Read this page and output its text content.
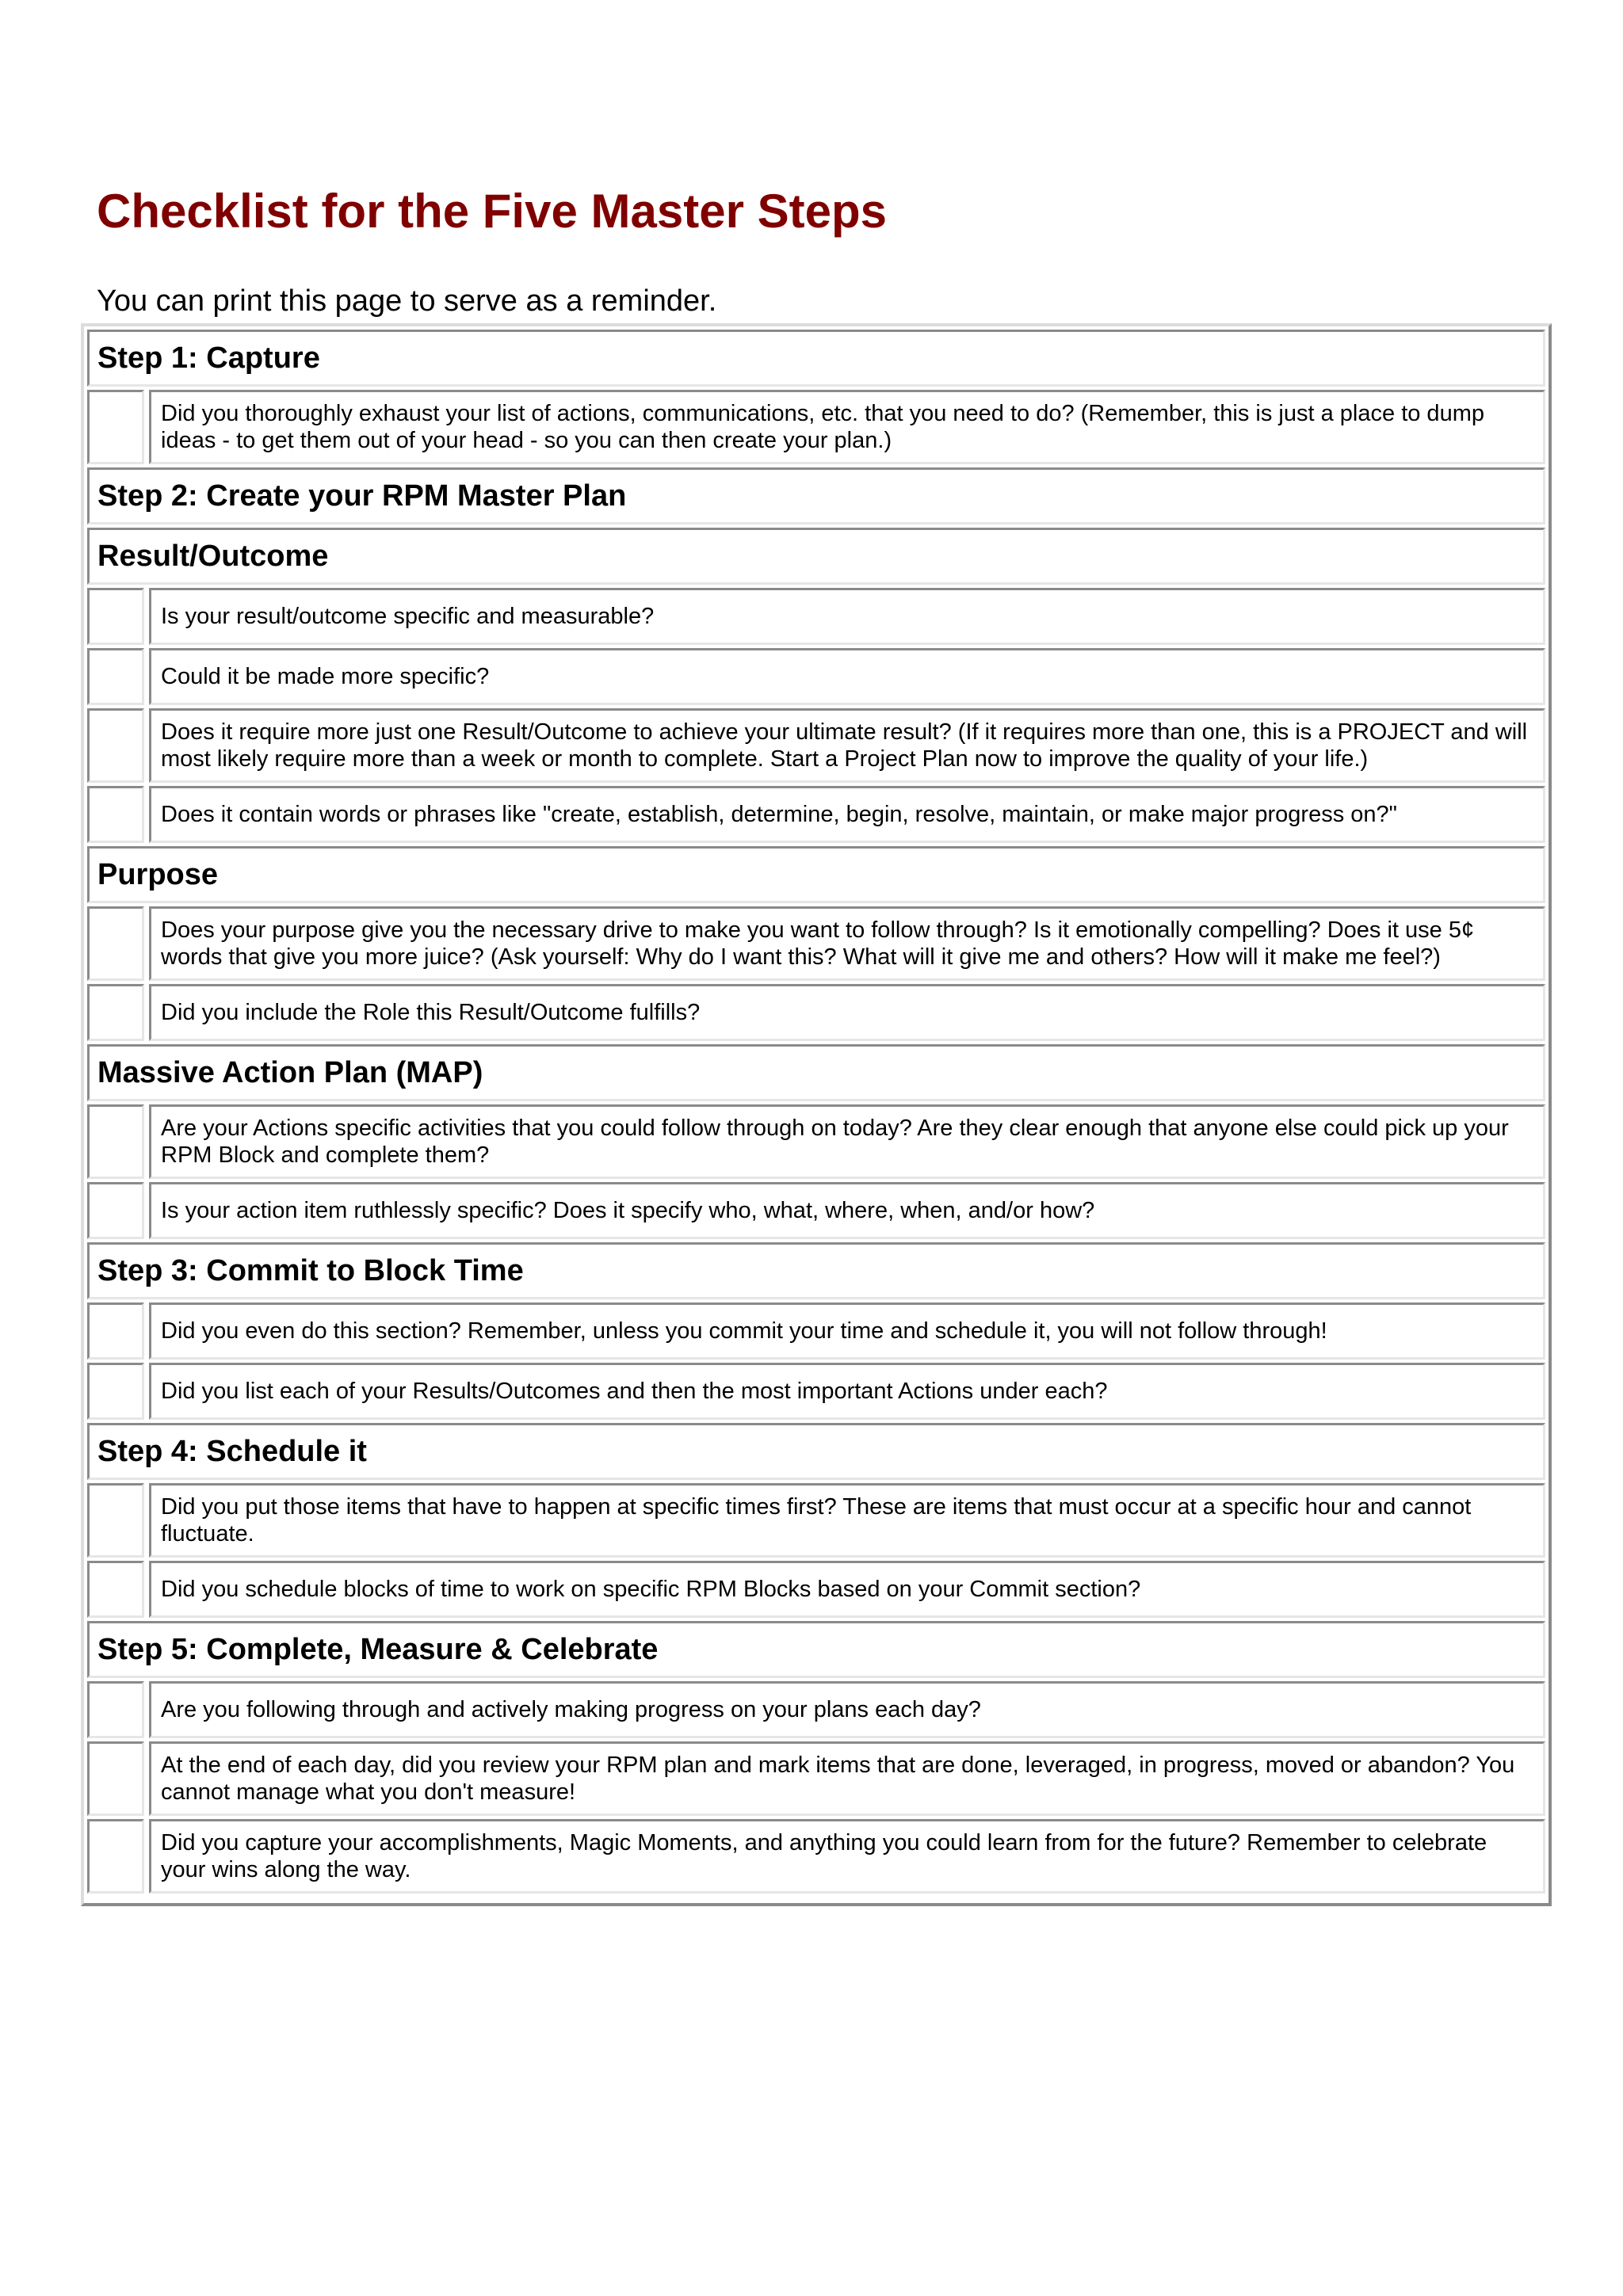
Checklist for the Five Master Steps

You can print this page to serve as a reminder.

Step 1: Capture
Did you thoroughly exhaust your list of actions, communications, etc. that you need to do? (Remember, this is just a place to dump ideas - to get them out of your head - so you can then create your plan.)
Step 2: Create your RPM Master Plan
Result/Outcome
Is your result/outcome specific and measurable?
Could it be made more specific?
Does it require more just one Result/Outcome to achieve your ultimate result? (If it requires more than one, this is a PROJECT and will most likely require more than a week or month to complete. Start a Project Plan now to improve the quality of your life.)
Does it contain words or phrases like "create, establish, determine, begin, resolve, maintain, or make major progress on?"
Purpose
Does your purpose give you the necessary drive to make you want to follow through? Is it emotionally compelling? Does it use 5¢ words that give you more juice? (Ask yourself: Why do I want this? What will it give me and others? How will it make me feel?)
Did you include the Role this Result/Outcome fulfills?
Massive Action Plan (MAP)
Are your Actions specific activities that you could follow through on today? Are they clear enough that anyone else could pick up your RPM Block and complete them?
Is your action item ruthlessly specific? Does it specify who, what, where, when, and/or how?
Step 3: Commit to Block Time
Did you even do this section? Remember, unless you commit your time and schedule it, you will not follow through!
Did you list each of your Results/Outcomes and then the most important Actions under each?
Step 4: Schedule it
Did you put those items that have to happen at specific times first? These are items that must occur at a specific hour and cannot fluctuate.
Did you schedule blocks of time to work on specific RPM Blocks based on your Commit section?
Step 5: Complete, Measure & Celebrate
Are you following through and actively making progress on your plans each day?
At the end of each day, did you review your RPM plan and mark items that are done, leveraged, in progress, moved or abandon? You cannot manage what you don't measure!
Did you capture your accomplishments, Magic Moments, and anything you could learn from for the future? Remember to celebrate your wins along the way.
